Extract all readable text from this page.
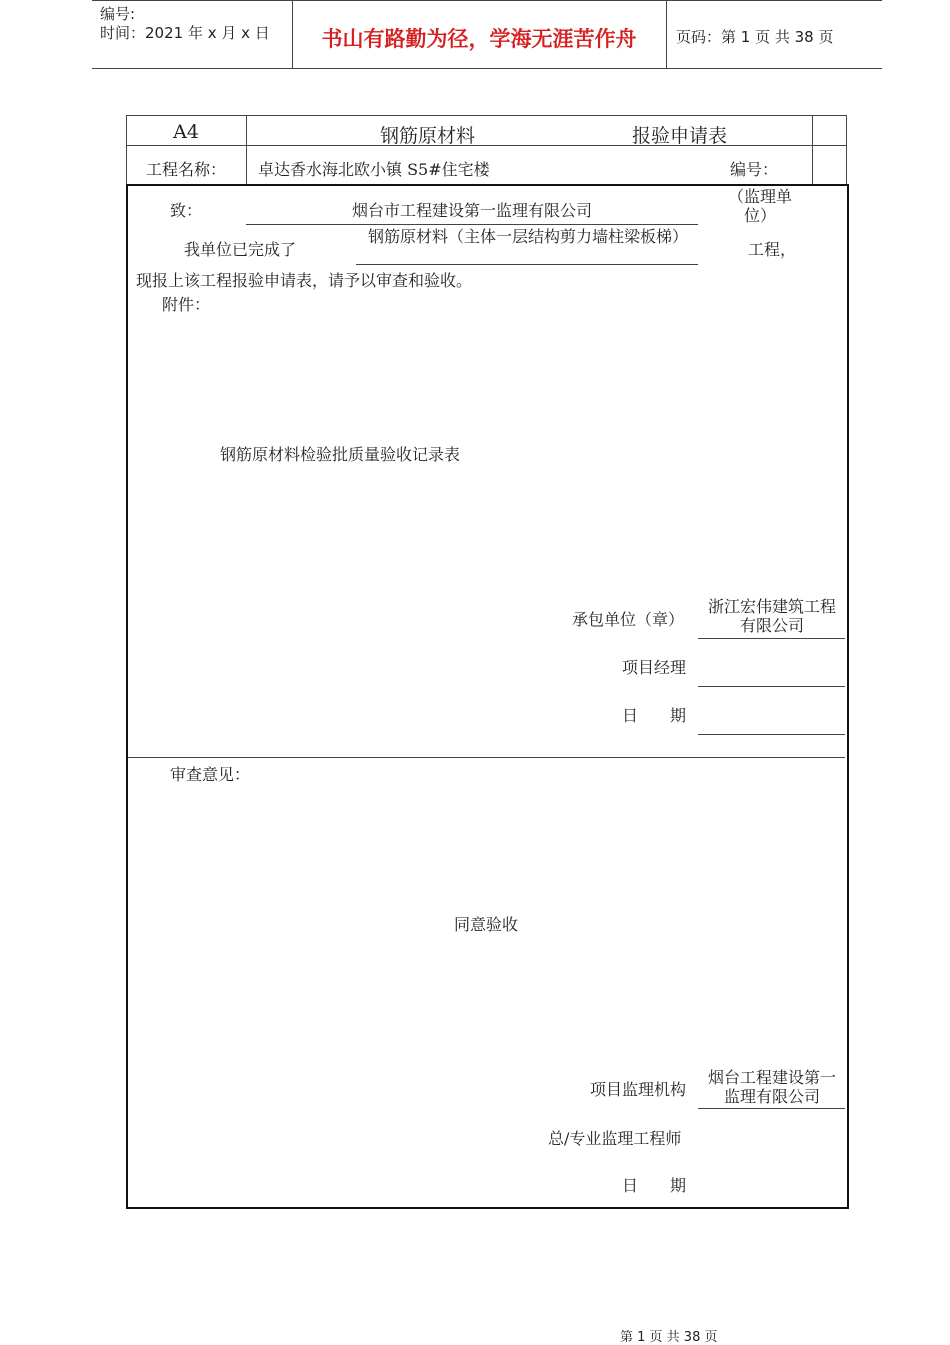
编号:
时间：2021 年 x 月 x 日	书山有路勤为径，学海无涯苦作舟	页码：第 1 页 共 38 页
A4	钢筋原材料	报验申请表
工程名称： 卓达香水海北欧小镇 S5#住宅楼	编号：
致：	烟台市工程建设第一监理有限公司
（监理单位）
我单位已完成了
钢筋原材料（主体一层结构剪力墙柱梁板梯）
工程，
现报上该工程报验申请表，请予以审查和验收。
附件：
钢筋原材料检验批质量验收记录表
承包单位（章）
浙江宏伟建筑工程有限公司
项目经理
日　　期
审查意见：
同意验收
项目监理机构
烟台工程建设第一监理有限公司
总/专业监理工程师
日　　期
第 1 页 共 38 页
